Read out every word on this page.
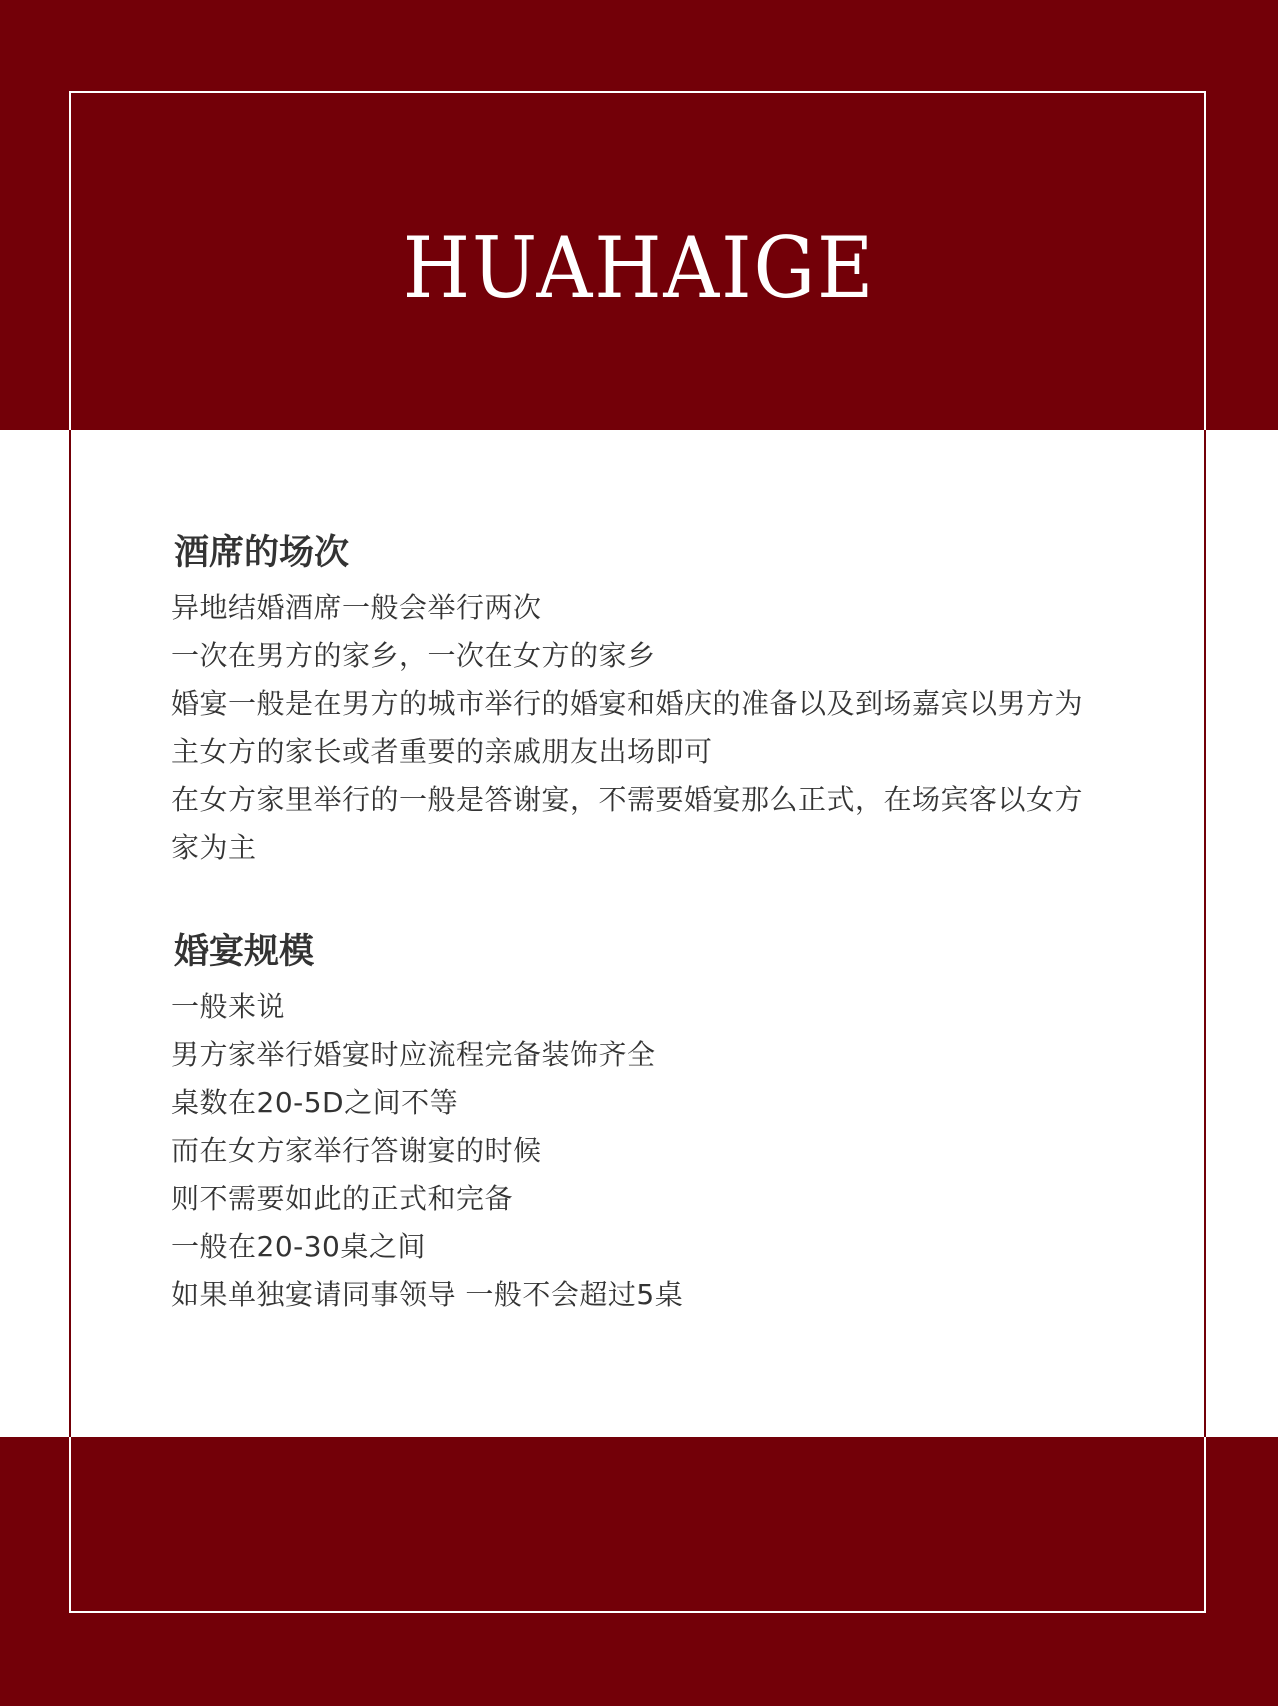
HUAHAIGE
酒席的场次
异地结婚酒席一般会举行两次
一次在男方的家乡，一次在女方的家乡
婚宴一般是在男方的城市举行的婚宴和婚庆的准备以及到场嘉宾以男方为
主女方的家长或者重要的亲戚朋友出场即可
在女方家里举行的一般是答谢宴，不需要婚宴那么正式，在场宾客以女方
家为主
婚宴规模
一般来说
男方家举行婚宴时应流程完备装饰齐全
桌数在20-5D之间不等
而在女方家举行答谢宴的时候
则不需要如此的正式和完备
一般在20-30桌之间
如果单独宴请同事领导 一般不会超过5桌
